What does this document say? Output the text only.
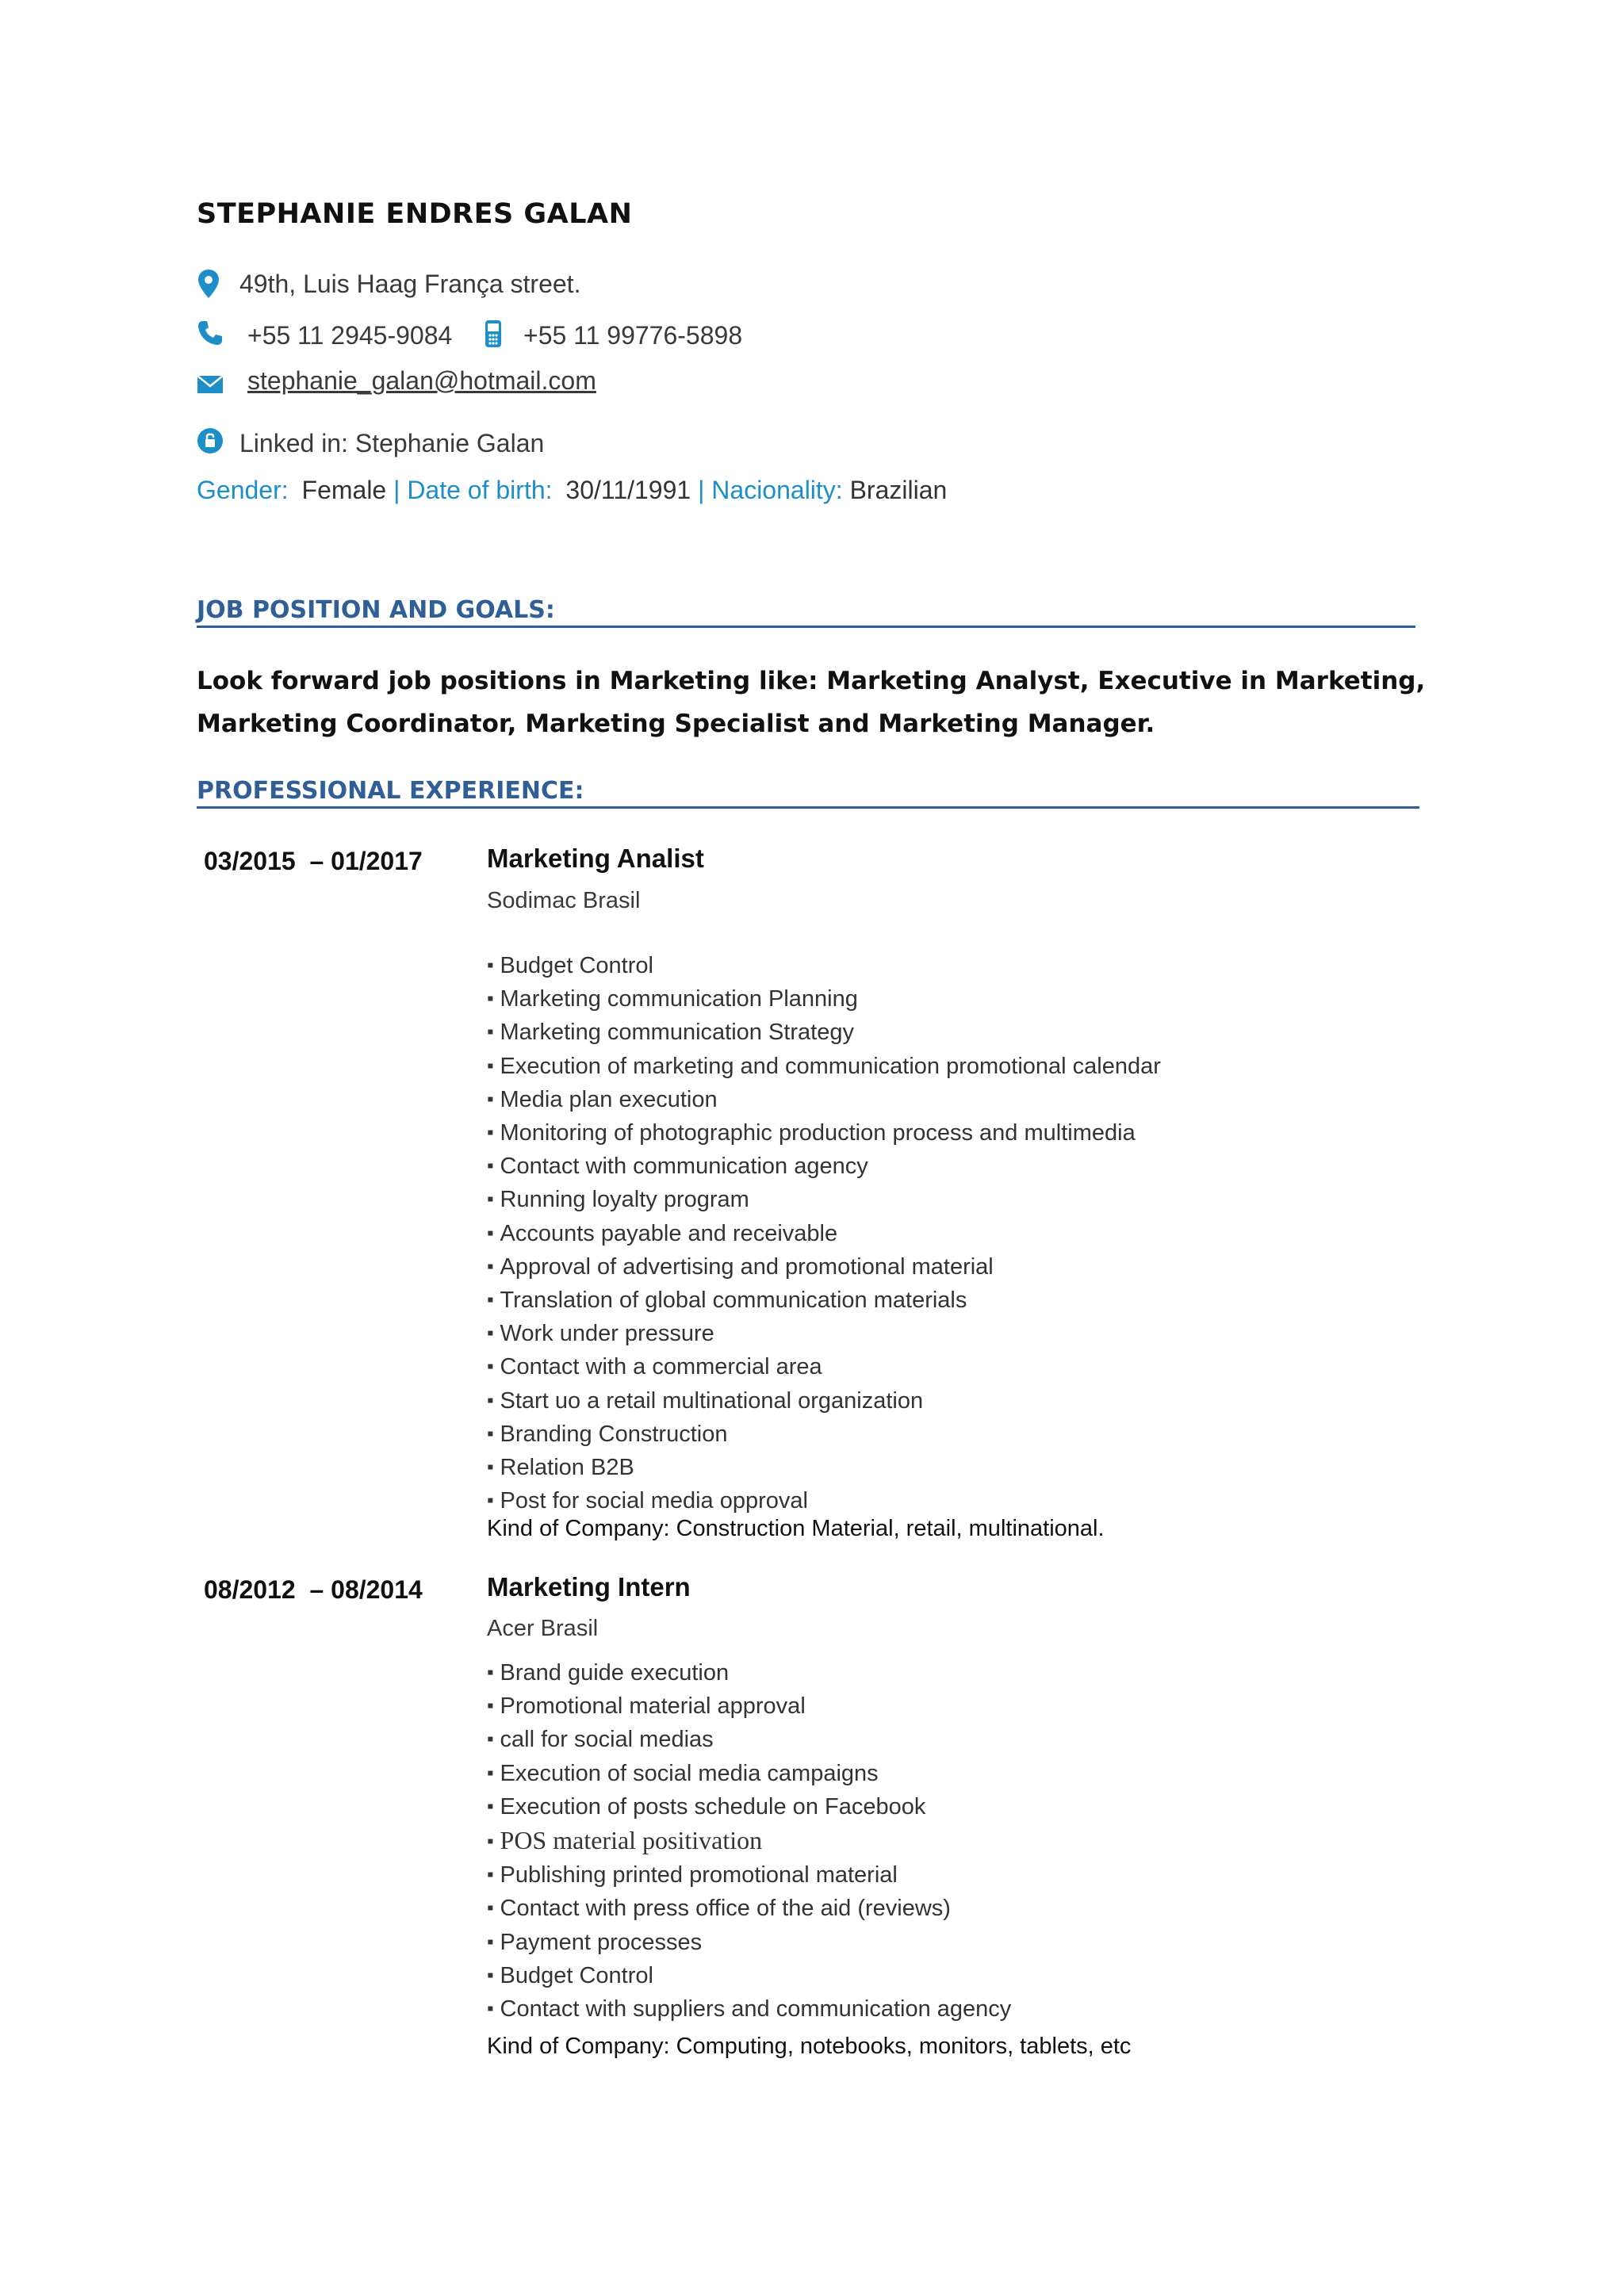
STEPHANIE ENDRES GALAN
49th, Luis Haag França street.
+55 11 2945-9084	+55 11 99776-5898
stephanie_galan@hotmail.com
Linked in: Stephanie Galan
Gender: Female | Date of birth: 30/11/1991 | Nacionality: Brazilian
JOB POSITION AND GOALS:
Look forward job positions in Marketing like: Marketing Analyst, Executive in Marketing, Marketing Coordinator, Marketing Specialist and Marketing Manager.
PROFESSIONAL EXPERIENCE:
03/2015  – 01/2017 Marketing Analist
Sodimac Brasil
▪ Budget Control
▪ Marketing communication Planning
▪ Marketing communication Strategy
▪ Execution of marketing and communication promotional calendar
▪ Media plan execution
▪ Monitoring of photographic production process and multimedia
▪ Contact with communication agency
▪ Running loyalty program
▪ Accounts payable and receivable
▪ Approval of advertising and promotional material
▪ Translation of global communication materials
▪ Work under pressure
▪ Contact with a commercial area
▪ Start uo a retail multinational organization
▪ Branding Construction
▪ Relation B2B
▪ Post for social media opproval
Kind of Company: Construction Material, retail, multinational.
08/2012  – 08/2014 Marketing Intern
Acer Brasil
▪ Brand guide execution
▪ Promotional material approval
▪ call for social medias
▪ Execution of social media campaigns
▪ Execution of posts schedule on Facebook
▪ POS material positivation
▪ Publishing printed promotional material
▪ Contact with press office of the aid (reviews)
▪ Payment processes
▪ Budget Control
▪ Contact with suppliers and communication agency
Kind of Company: Computing, notebooks, monitors, tablets, etc
